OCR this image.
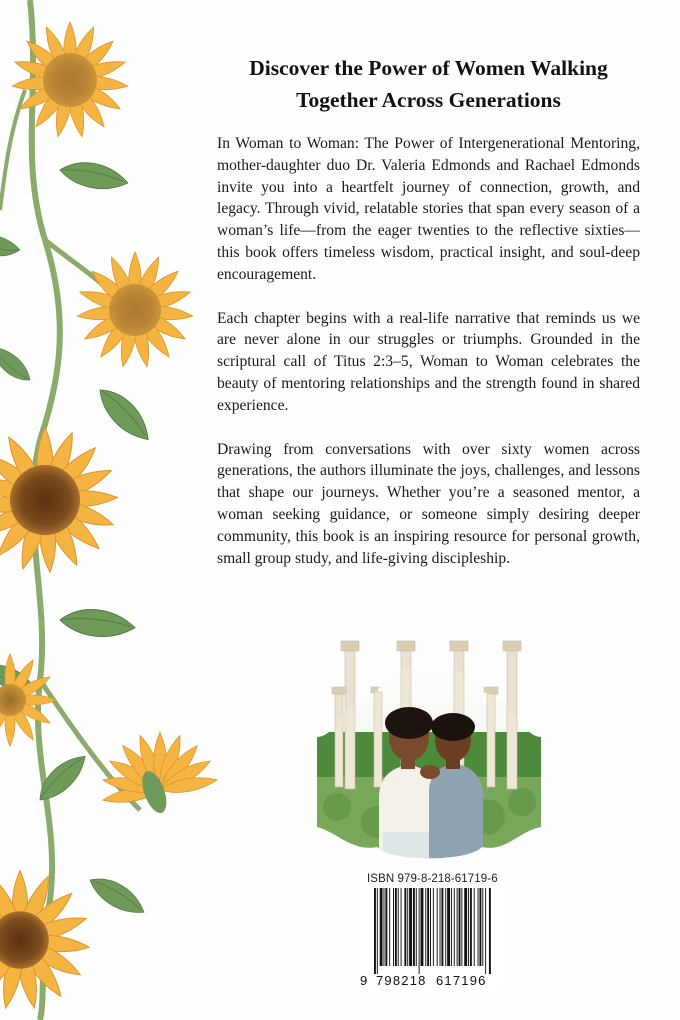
Discover the Power of Women Walking
Together Across Generations

In Woman to Woman: The Power of Intergenerational Mentoring, mother-daughter duo Dr. Valeria Edmonds and Rachael Edmonds invite you into a heartfelt journey of connection, growth, and legacy. Through vivid, relatable stories that span every season of a woman’s life—from the eager twenties to the reflective sixties—this book offers timeless wisdom, practical insight, and soul-deep encouragement.

Each chapter begins with a real-life narrative that reminds us we are never alone in our struggles or triumphs. Grounded in the scriptural call of Titus 2:3–5, Woman to Woman celebrates the beauty of mentoring relationships and the strength found in shared experience.

Drawing from conversations with over sixty women across generations, the authors illuminate the joys, challenges, and lessons that shape our journeys. Whether you’re a seasoned mentor, a woman seeking guidance, or someone simply desiring deeper community, this book is an inspiring resource for personal growth, small group study, and life-giving discipleship.

ISBN 979-8-218-61719-6
9 798218 617196
